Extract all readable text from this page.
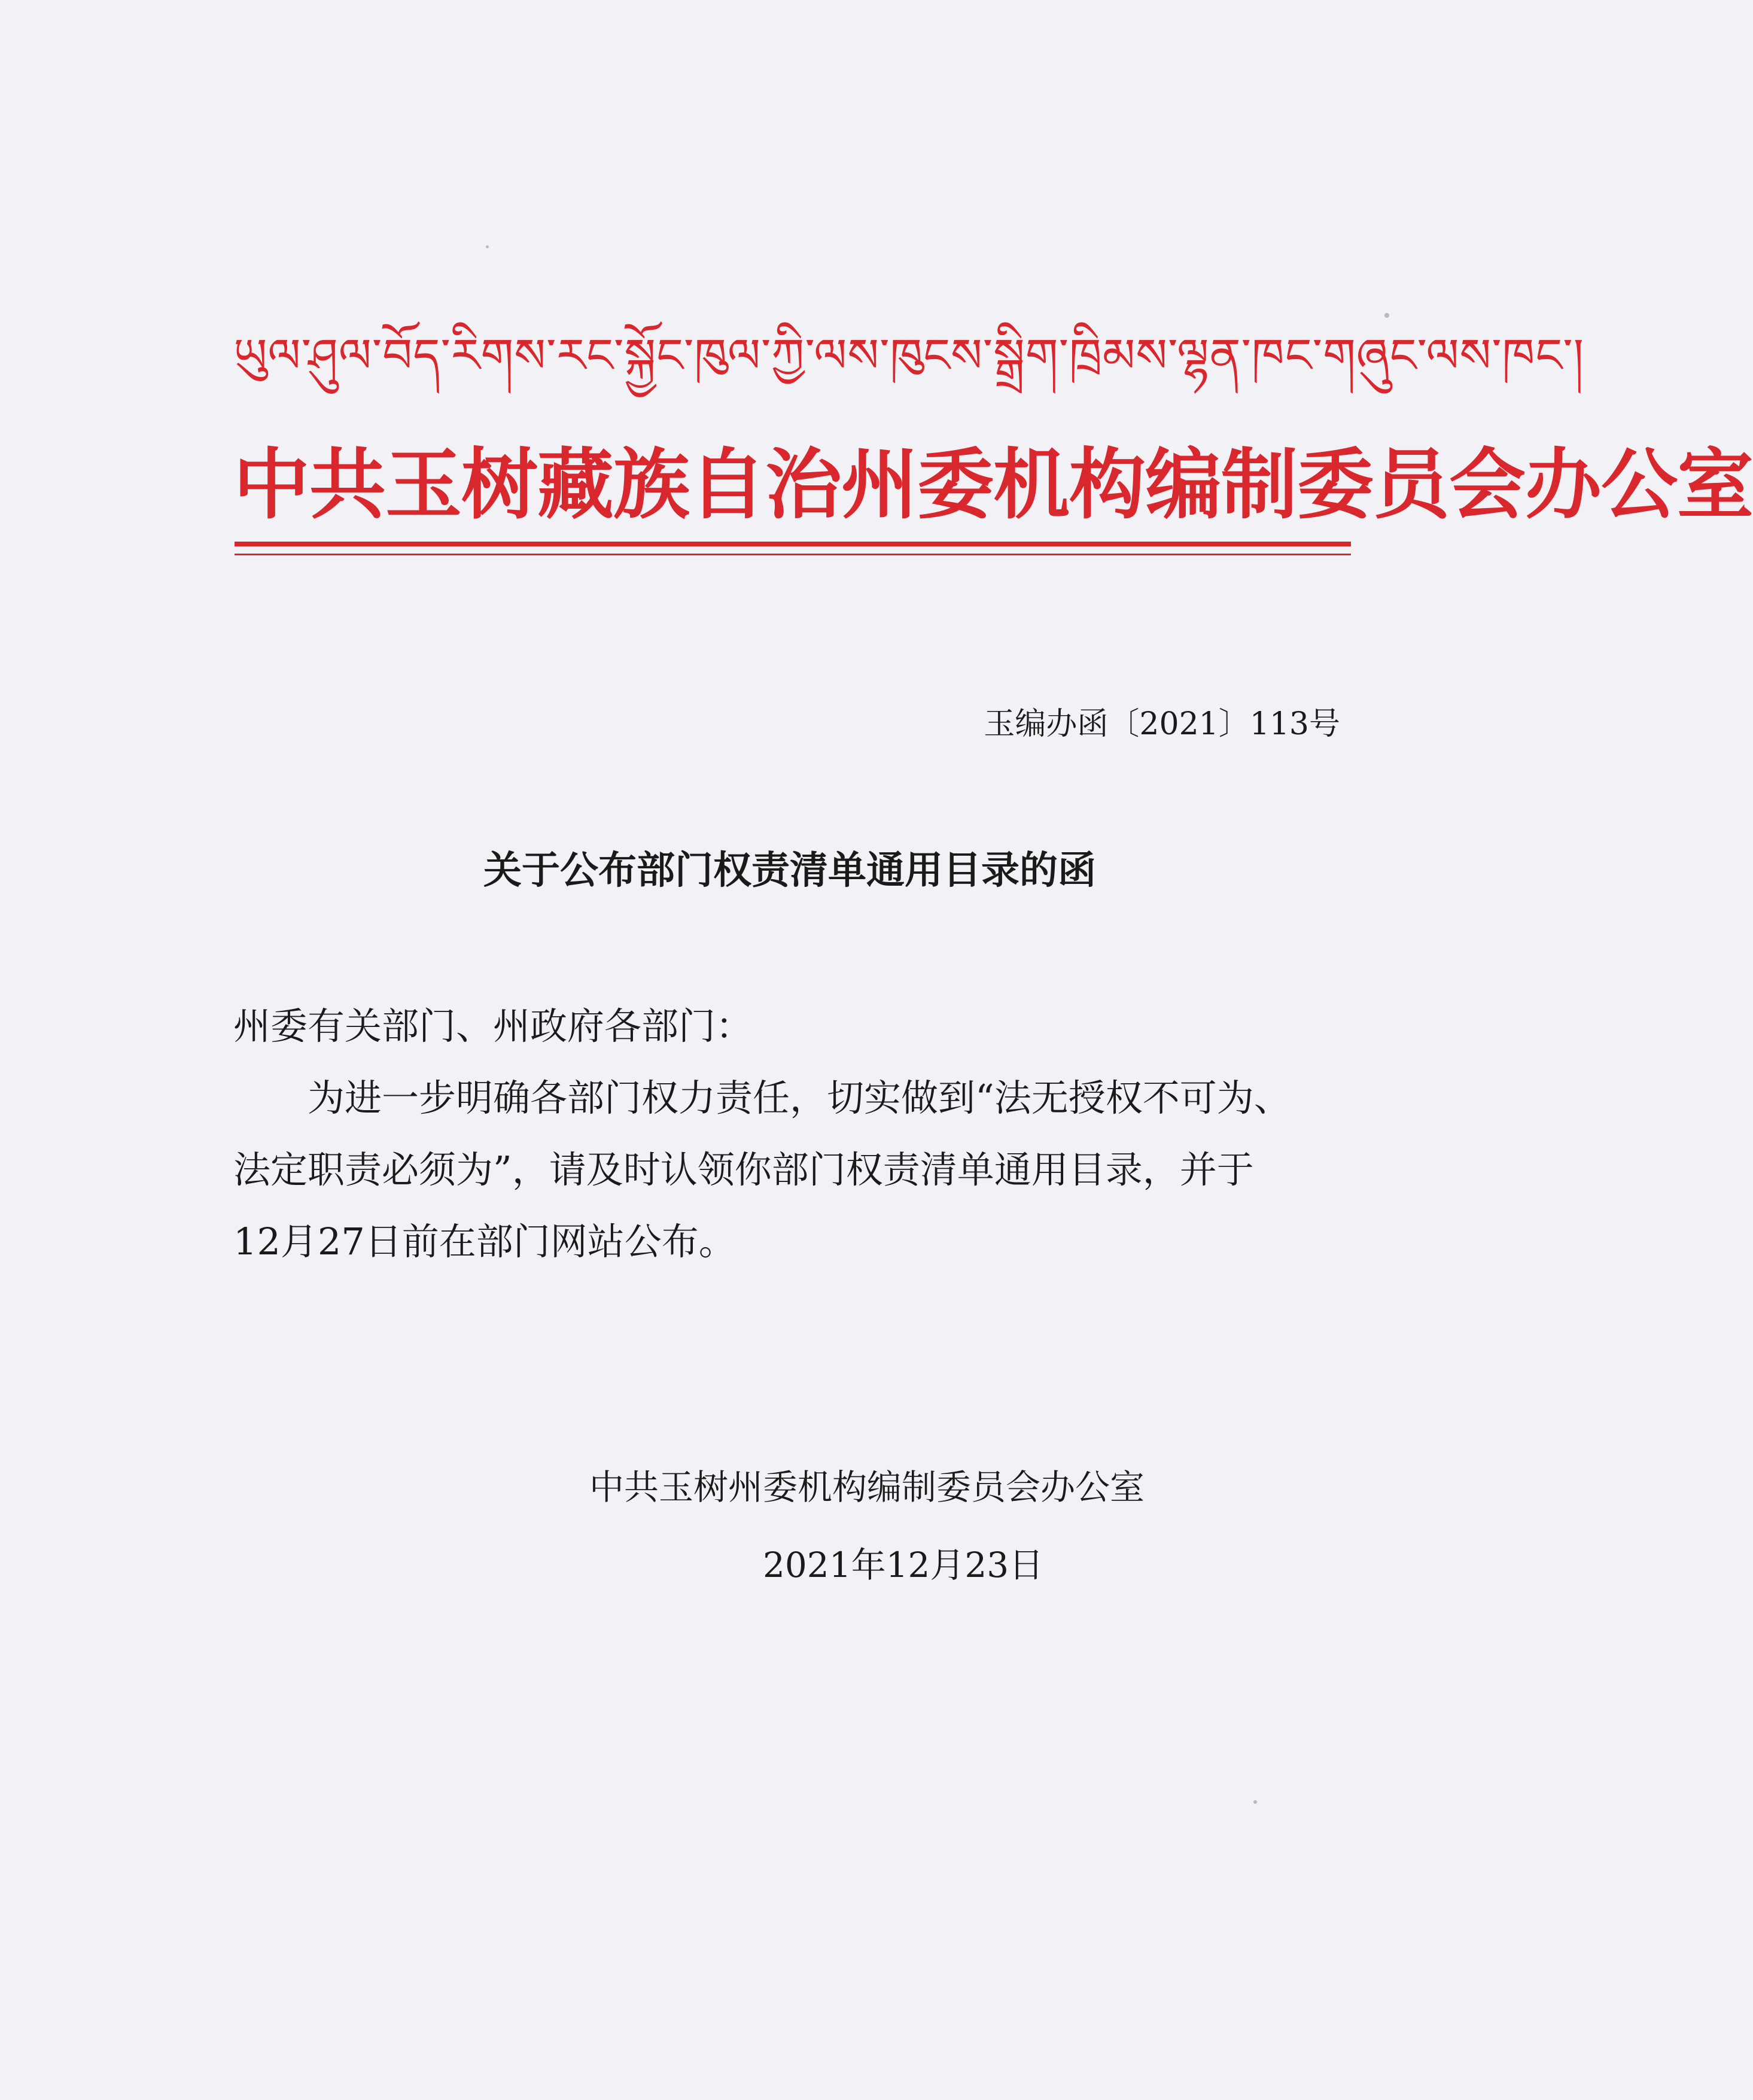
ཡུལ་ཤུལ་བོད་རིགས་རང་སྐྱོང་ཁུལ་ཀྱི་ལས་ཁུངས་སྒྲིག་ཁྲིམས་ལྷན་ཁང་གཞུང་ལས་ཁང་།
中共玉树藏族自治州委机构编制委员会办公室
玉编办函〔2021〕113号
关于公布部门权责清单通用目录的函
州委有关部门、州政府各部门：
为进一步明确各部门权力责任，切实做到“法无授权不可为、
法定职责必须为”，请及时认领你部门权责清单通用目录，并于
12月27日前在部门网站公布。
中共玉树州委机构编制委员会办公室
2021年12月23日
